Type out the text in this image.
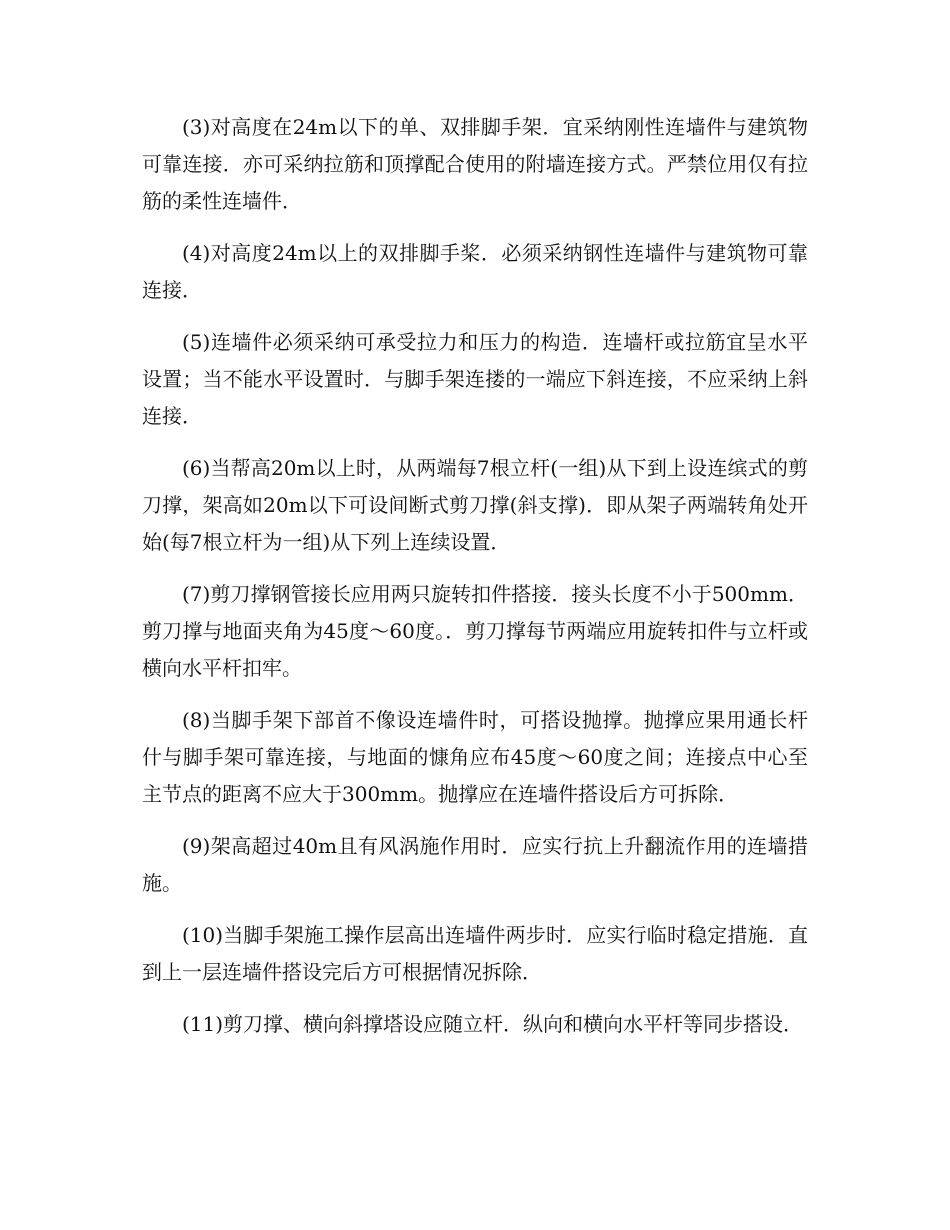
(3)对高度在24m以下的单、双排脚手架．宜采纳刚性连墙件与建筑物可靠连接．亦可采纳拉筋和顶撑配合使用的附墙连接方式。严禁位用仅有拉筋的柔性连墙件．

(4)对高度24m以上的双排脚手桨．必须采纳钢性连墙件与建筑物可靠连接．

(5)连墙件必须采纳可承受拉力和压力的构造．连墙杆或拉筋宜呈水平设置；当不能水平设置时．与脚手架连搂的一端应下斜连接，不应采纳上斜连接．

(6)当帮高20m以上时，从两端每7根立杆(一组)从下到上设连缤式的剪刀撑，架高如20m以下可设间断式剪刀撑(斜支撑)．即从架子两端转角处开始(每7根立杆为一组)从下列上连续设置．

(7)剪刀撑钢管接长应用两只旋转扣件搭接．接头长度不小于500mm．剪刀撑与地面夹角为45度～60度。．剪刀撑每节两端应用旋转扣件与立杆或横向水平杆扣牢。

(8)当脚手架下部首不像设连墙件时，可搭设抛撑。抛撑应果用通长杆什与脚手架可靠连接，与地面的慷角应布45度～60度之间；连接点中心至主节点的距离不应大于300mm。抛撑应在连墙件搭设后方可拆除．

(9)架高超过40m且有风涡施作用时．应实行抗上升翻流作用的连墙措施。

(10)当脚手架施工操作层高出连墙件两步时．应实行临时稳定措施．直到上一层连墙件搭设完后方可根据情况拆除．

(11)剪刀撑、横向斜撑塔设应随立杆．纵向和横向水平杆等同步搭设．
